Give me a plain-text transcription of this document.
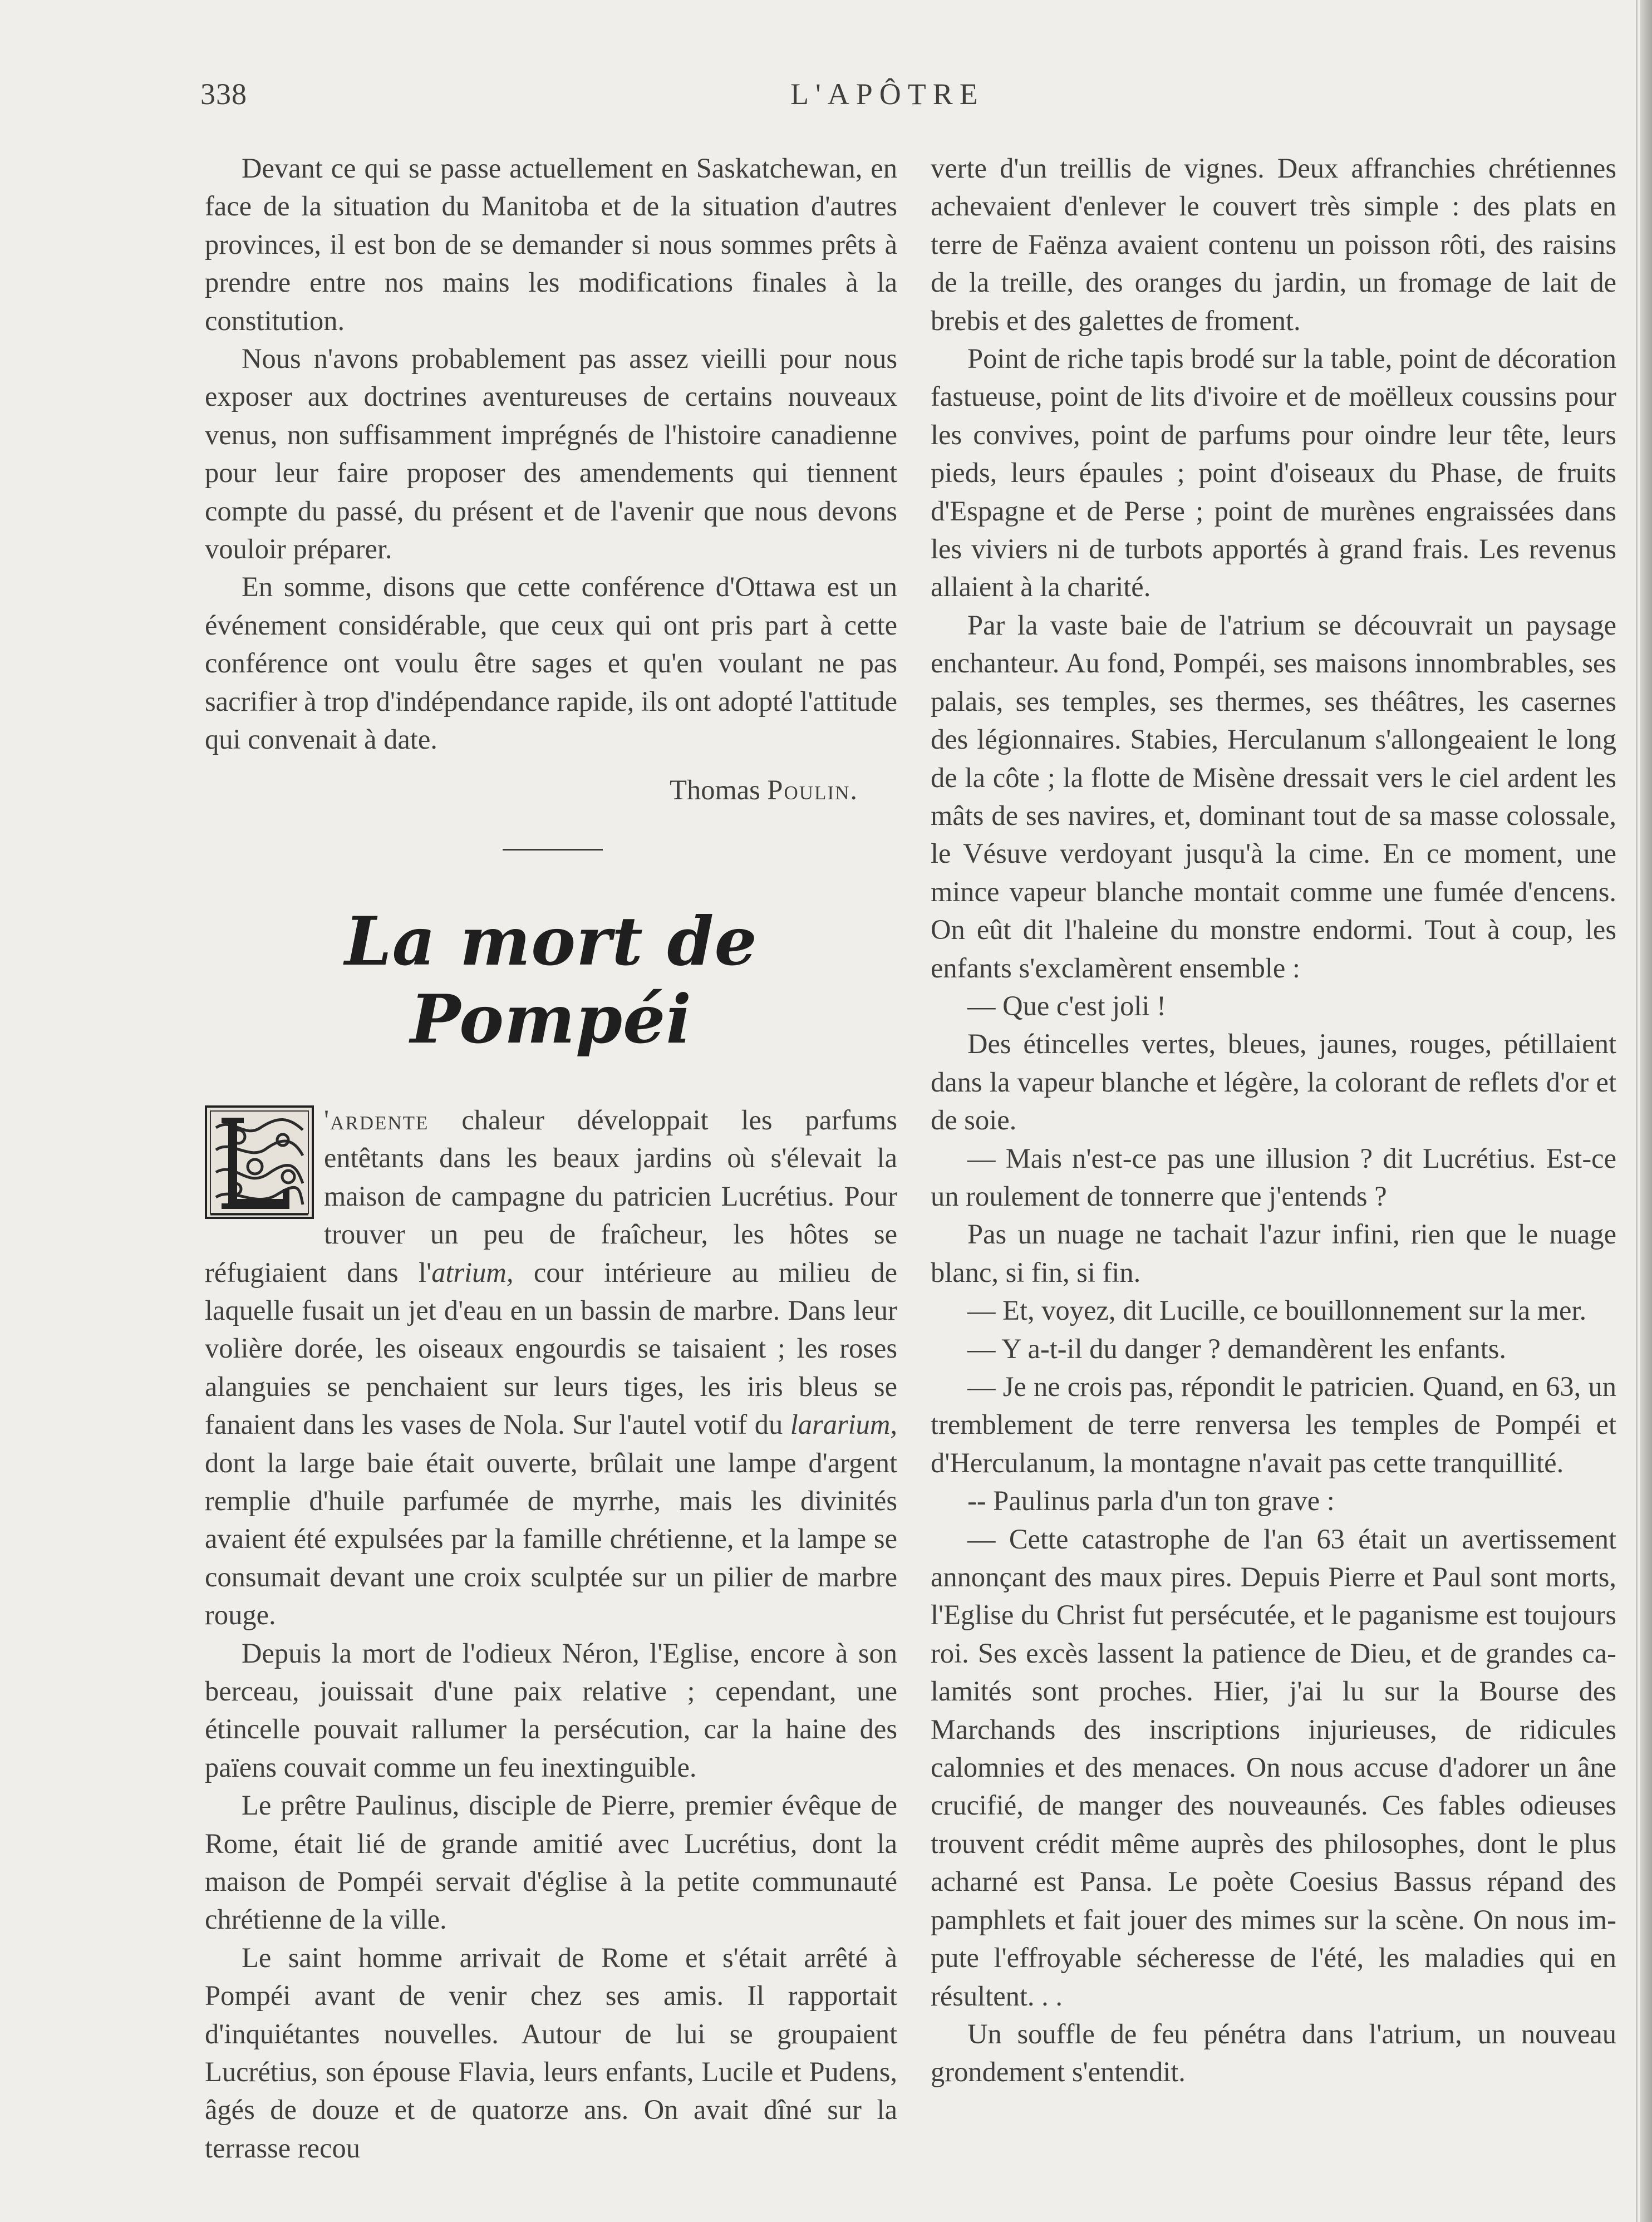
338	L'APÔTRE

Devant ce qui se passe actuellement en Saskatchewan, en face de la situation du Manitoba et de la situation d'autres provinces, il est bon de se demander si nous sommes prêts à prendre entre nos mains les modifications finales à la constitution.

Nous n'avons probablement pas assez vieilli pour nous exposer aux doctrines aventureuses de certains nouveaux venus, non suffisamment imprégnés de l'histoire canadienne pour leur faire proposer des amendements qui tiennent compte du passé, du présent et de l'avenir que nous devons vouloir préparer.

En somme, disons que cette conférence d'Ottawa est un événement considérable, que ceux qui ont pris part à cette conférence ont voulu être sages et qu'en voulant ne pas sacrifier à trop d'indépendance rapide, ils ont adopté l'attitude qui convenait à date.

Thomas Poulin.
La mort de Pompéi

'ardente chaleur développait les parfums entêtants dans les beaux jardins où s'élevait la maison de campagne du patricien Lucrétius. Pour trouver un peu de fraîcheur, les hôtes se réfugiaient dans l'atrium, cour intérieure au milieu de laquelle fusait un jet d'eau en un bassin de marbre. Dans leur volière dorée, les oiseaux engourdis se taisaient ; les roses alanguies se penchaient sur leurs tiges, les iris bleus se fanaient dans les vases de Nola. Sur l'autel votif du lararium, dont la large baie était ouverte, brûlait une lampe d'argent remplie d'huile parfumée de myrrhe, mais les divinités avaient été expulsées par la famille chrétienne, et la lampe se consumait devant une croix sculptée sur un pilier de marbre rouge.

Depuis la mort de l'odieux Néron, l'Eglise, encore à son berceau, jouissait d'une paix relative ; cependant, une étincelle pouvait rallumer la persécution, car la haine des païens couvait comme un feu inextinguible.

Le prêtre Paulinus, disciple de Pierre, premier évêque de Rome, était lié de grande amitié avec Lucrétius, dont la maison de Pompéi servait d'église à la petite communauté chrétienne de la ville.

Le saint homme arrivait de Rome et s'était arrêté à Pompéi avant de venir chez ses amis. Il rapportait d'inquiétantes nouvelles. Autour de lui se groupaient Lucrétius, son épouse Flavia, leurs enfants, Lucile et Pudens, âgés de douze et de quatorze ans. On avait dîné sur la terrasse recou

verte d'un treillis de vignes. Deux affranchies chrétiennes achevaient d'enlever le couvert très simple : des plats en terre de Faënza avaient contenu un poisson rôti, des raisins de la treille, des oranges du jardin, un fromage de lait de brebis et des galettes de froment.

Point de riche tapis brodé sur la table, point de décoration fastueuse, point de lits d'ivoire et de moëlleux coussins pour les convives, point de parfums pour oindre leur tête, leurs pieds, leurs épaules ; point d'oiseaux du Phase, de fruits d'Espagne et de Perse ; point de murènes engraissées dans les viviers ni de turbots apportés à grand frais. Les revenus allaient à la charité.

Par la vaste baie de l'atrium se découvrait un paysage enchanteur. Au fond, Pompéi, ses maisons innombrables, ses palais, ses temples, ses thermes, ses théâtres, les casernes des légionnaires. Stabies, Herculanum s'allongeaient le long de la côte ; la flotte de Misène dressait vers le ciel ardent les mâts de ses navires, et, dominant tout de sa masse colossale, le Vésuve verdoyant jusqu'à la cime. En ce moment, une mince vapeur blanche montait comme une fumée d'encens. On eût dit l'haleine du monstre endormi. Tout à coup, les enfants s'exclamèrent ensemble :

— Que c'est joli !

Des étincelles vertes, bleues, jaunes, rouges, pétillaient dans la vapeur blanche et légère, la colorant de reflets d'or et de soie.

— Mais n'est-ce pas une illusion ? dit Lucrétius. Est-ce un roulement de tonnerre que j'entends ?

Pas un nuage ne tachait l'azur infini, rien que le nuage blanc, si fin, si fin.

— Et, voyez, dit Lucille, ce bouillonnement sur la mer.

— Y a-t-il du danger ? demandèrent les enfants.

— Je ne crois pas, répondit le patricien. Quand, en 63, un tremblement de terre renversa les temples de Pompéi et d'Herculanum, la montagne n'avait pas cette tranquillité.

-- Paulinus parla d'un ton grave :

— Cette catastrophe de l'an 63 était un avertissement annonçant des maux pires. Depuis Pierre et Paul sont morts, l'Eglise du Christ fut persécutée, et le paganisme est toujours roi. Ses excès lassent la patience de Dieu, et de grandes calamités sont proches. Hier, j'ai lu sur la Bourse des Marchands des inscriptions injurieuses, de ridicules calomnies et des menaces. On nous accuse d'adorer un âne crucifié, de manger des nouveaunés. Ces fables odieuses trouvent crédit même auprès des philosophes, dont le plus acharné est Pansa. Le poète Coesius Bassus répand des pamphlets et fait jouer des mimes sur la scène. On nous impute l'effroyable sécheresse de l'été, les maladies qui en résultent. . .

Un souffle de feu pénétra dans l'atrium, un nouveau grondement s'entendit.
